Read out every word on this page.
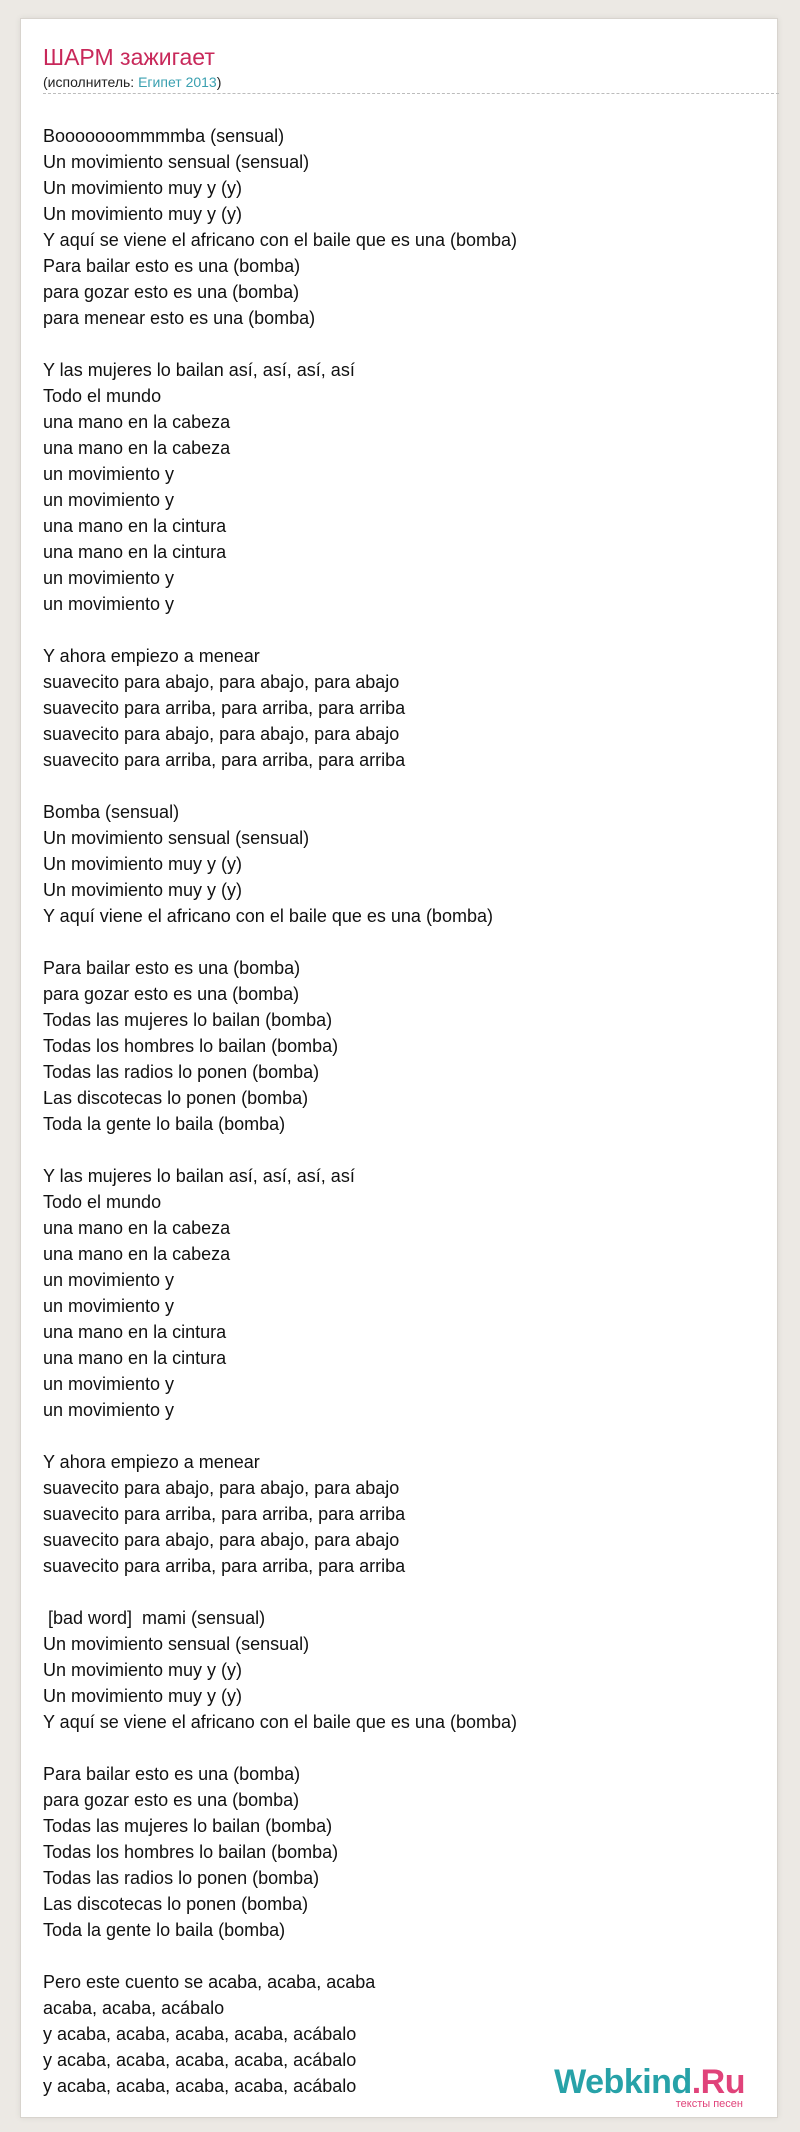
ШАРМ зажигает
(исполнитель: Египет 2013)
Booooooommmmba (sensual)
Un movimiento sensual (sensual)
Un movimiento muy y (y)
Un movimiento muy y (y)
Y aquí se viene el africano con el baile que es una (bomba)
Para bailar esto es una (bomba)
para gozar esto es una (bomba)
para menear esto es una (bomba)
Y las mujeres lo bailan así, así, así, así
Todo el mundo
una mano en la cabeza
una mano en la cabeza
un movimiento y
un movimiento y
una mano en la cintura
una mano en la cintura
un movimiento y
un movimiento y
Y ahora empiezo a menear
suavecito para abajo, para abajo, para abajo
suavecito para arriba, para arriba, para arriba
suavecito para abajo, para abajo, para abajo
suavecito para arriba, para arriba, para arriba
Bomba (sensual)
Un movimiento sensual (sensual)
Un movimiento muy y (y)
Un movimiento muy y (y)
Y aquí viene el africano con el baile que es una (bomba)
Para bailar esto es una (bomba)
para gozar esto es una (bomba)
Todas las mujeres lo bailan (bomba)
Todas los hombres lo bailan (bomba)
Todas las radios lo ponen (bomba)
Las discotecas lo ponen (bomba)
Toda la gente lo baila (bomba)
Y las mujeres lo bailan así, así, así, así
Todo el mundo
una mano en la cabeza
una mano en la cabeza
un movimiento y
un movimiento y
una mano en la cintura
una mano en la cintura
un movimiento y
un movimiento y
Y ahora empiezo a menear
suavecito para abajo, para abajo, para abajo
suavecito para arriba, para arriba, para arriba
suavecito para abajo, para abajo, para abajo
suavecito para arriba, para arriba, para arriba
[bad word]  mami (sensual)
Un movimiento sensual (sensual)
Un movimiento muy y (y)
Un movimiento muy y (y)
Y aquí se viene el africano con el baile que es una (bomba)
Para bailar esto es una (bomba)
para gozar esto es una (bomba)
Todas las mujeres lo bailan (bomba)
Todas los hombres lo bailan (bomba)
Todas las radios lo ponen (bomba)
Las discotecas lo ponen (bomba)
Toda la gente lo baila (bomba)
Pero este cuento se acaba, acaba, acaba
acaba, acaba, acábalo
y acaba, acaba, acaba, acaba, acábalo
y acaba, acaba, acaba, acaba, acábalo
y acaba, acaba, acaba, acaba, acábalo	Webkind.Ru
тексты песен
